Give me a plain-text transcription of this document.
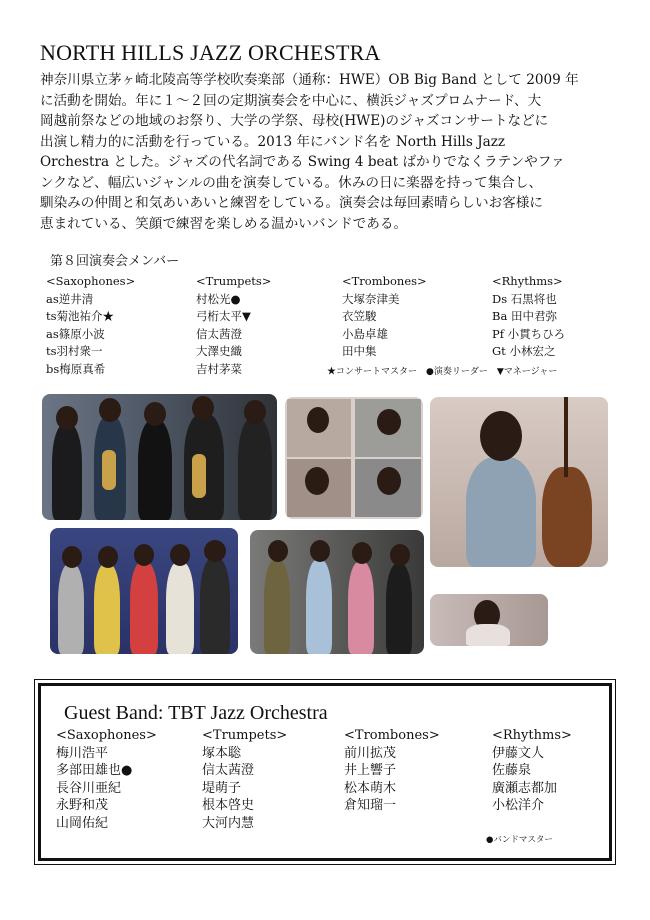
NORTH HILLS JAZZ ORCHESTRA
神奈川県立茅ヶ崎北陵高等学校吹奏楽部（通称：HWE）OB Big Band として 2009 年
に活動を開始。年に１～２回の定期演奏会を中心に、横浜ジャズプロムナード、大
岡越前祭などの地域のお祭り、大学の学祭、母校(HWE)のジャズコンサートなどに
出演し精力的に活動を行っている。2013 年にバンド名を North Hills Jazz
Orchestra とした。ジャズの代名詞である Swing 4 beat ばかりでなくラテンやファ
ンクなど、幅広いジャンルの曲を演奏している。休みの日に楽器を持って集合し、
馴染みの仲間と和気あいあいと練習をしている。演奏会は毎回素晴らしいお客様に
恵まれている、笑顔で練習を楽しめる温かいバンドである。
第８回演奏会メンバー
<Saxophones>
as逆井清
ts菊池祐介★
as篠原小波
ts羽村衆一
bs梅原真希
<Trumpets>
村松光●
弓桁太平▼
信太茜澄
大澤史織
吉村茅菜
<Trombones>
大塚奈津美
衣笠駿
小島卓雄
田中集
<Rhythms>
Ds 石黒将也
Ba 田中君弥
Pf 小貫ちひろ
Gt 小林宏之
★コンサートマスター　●演奏リーダー　▼マネージャー
Guest Band: TBT Jazz Orchestra
<Saxophones>
梅川浩平
多部田雄也●
長谷川亜紀
永野和茂
山岡佑紀
<Trumpets>
塚本聡
信太茜澄
堤萌子
根本啓史
大河内慧
<Trombones>
前川拡茂
井上響子
松本萌木
倉知瑠一
<Rhythms>
伊藤文人
佐藤泉
廣瀬志都加
小松洋介
●バンドマスター
